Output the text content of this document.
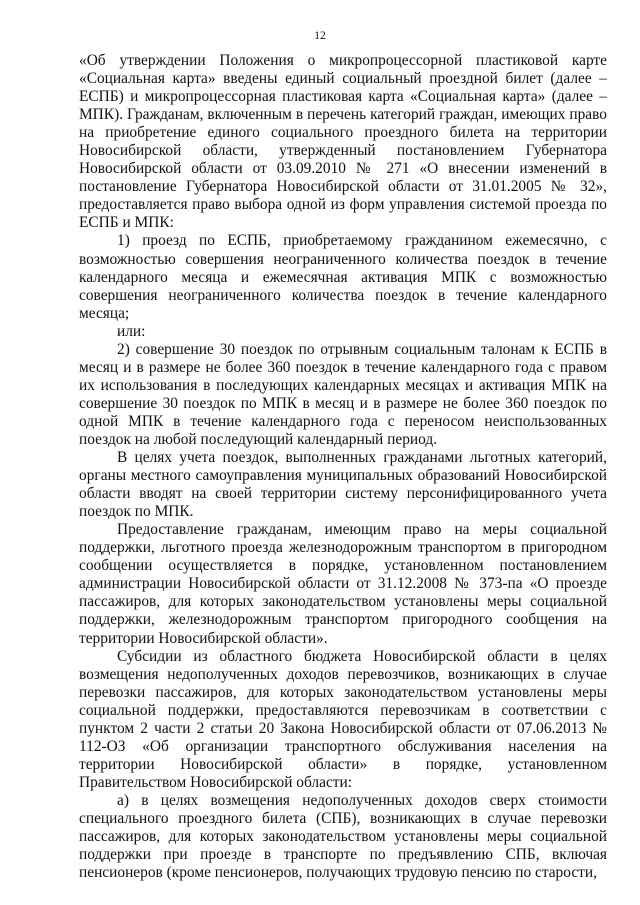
12

«Об утверждении Положения о микропроцессорной пластиковой карте «Социальная карта» введены единый социальный проездной билет (далее – ЕСПБ) и микропроцессорная пластиковая карта «Социальная карта» (далее – МПК). Гражданам, включенным в перечень категорий граждан, имеющих право на приобретение единого социального проездного билета на территории Новосибирской области, утвержденный постановлением Губернатора Новосибирской области от 03.09.2010 № 271 «О внесении изменений в постановление Губернатора Новосибирской области от 31.01.2005 № 32», предоставляется право выбора одной из форм управления системой проезда по ЕСПБ и МПК:

1) проезд по ЕСПБ, приобретаемому гражданином ежемесячно, с возможностью совершения неограниченного количества поездок в течение календарного месяца и ежемесячная активация МПК с возможностью совершения неограниченного количества поездок в течение календарного месяца;

или:

2) совершение 30 поездок по отрывным социальным талонам к ЕСПБ в месяц и в размере не более 360 поездок в течение календарного года с правом их использования в последующих календарных месяцах и активация МПК на совершение 30 поездок по МПК в месяц и в размере не более 360 поездок по одной МПК в течение календарного года с переносом неиспользованных поездок на любой последующий календарный период.

В целях учета поездок, выполненных гражданами льготных категорий, органы местного самоуправления муниципальных образований Новосибирской области вводят на своей территории систему персонифицированного учета поездок по МПК.

Предоставление гражданам, имеющим право на меры социальной поддержки, льготного проезда железнодорожным транспортом в пригородном сообщении осуществляется в порядке, установленном постановлением администрации Новосибирской области от 31.12.2008 № 373-па «О проезде пассажиров, для которых законодательством установлены меры социальной поддержки, железнодорожным транспортом пригородного сообщения на территории Новосибирской области».

Субсидии из областного бюджета Новосибирской области в целях возмещения недополученных доходов перевозчиков, возникающих в случае перевозки пассажиров, для которых законодательством установлены меры социальной поддержки, предоставляются перевозчикам в соответствии с пунктом 2 части 2 статьи 20 Закона Новосибирской области от 07.06.2013 № 112-ОЗ «Об организации транспортного обслуживания населения на территории Новосибирской области» в порядке, установленном Правительством Новосибирской области:

а) в целях возмещения недополученных доходов сверх стоимости специального проездного билета (СПБ), возникающих в случае перевозки пассажиров, для которых законодательством установлены меры социальной поддержки при проезде в транспорте по предъявлению СПБ, включая пенсионеров (кроме пенсионеров, получающих трудовую пенсию по старости,
